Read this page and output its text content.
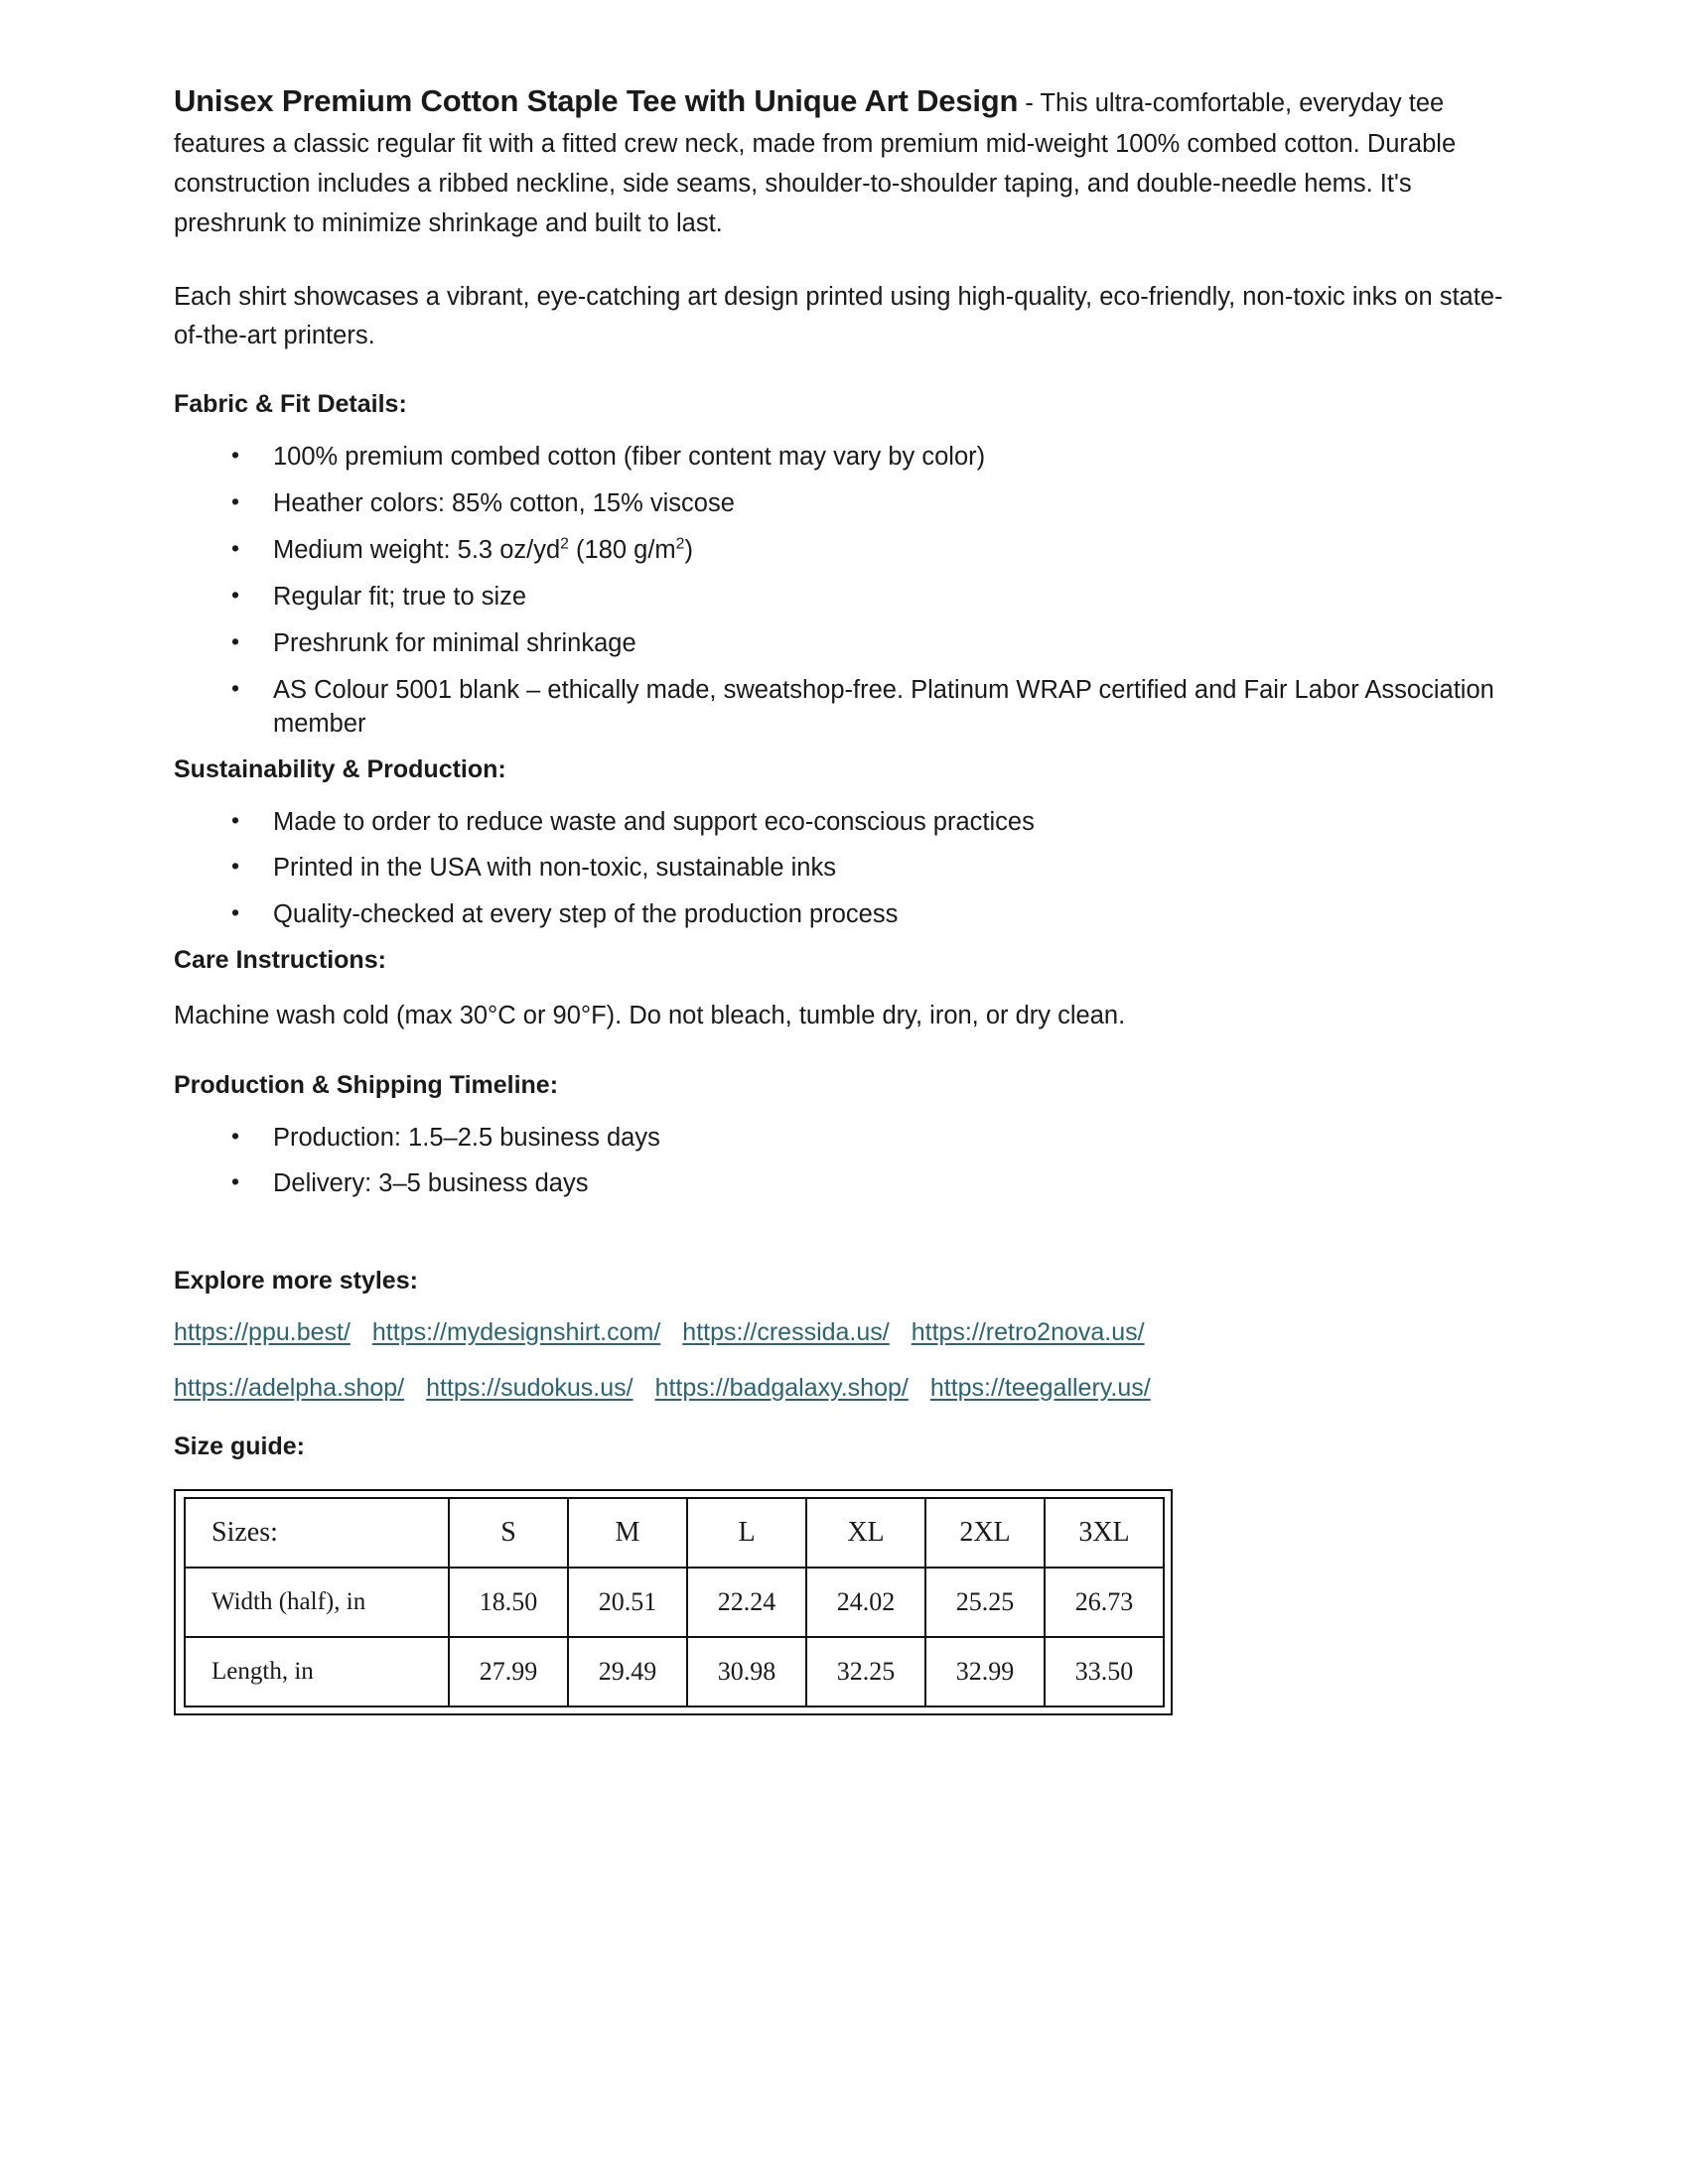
Unisex Premium Cotton Staple Tee with Unique Art Design - This ultra-comfortable, everyday tee features a classic regular fit with a fitted crew neck, made from premium mid-weight 100% combed cotton. Durable construction includes a ribbed neckline, side seams, shoulder-to-shoulder taping, and double-needle hems. It's preshrunk to minimize shrinkage and built to last.

Each shirt showcases a vibrant, eye-catching art design printed using high-quality, eco-friendly, non-toxic inks on state-of-the-art printers.

Fabric & Fit Details:
• 100% premium combed cotton (fiber content may vary by color)
• Heather colors: 85% cotton, 15% viscose
• Medium weight: 5.3 $oz/yd^2$ (180 $g/m^2$)
• Regular fit; true to size
• Preshrunk for minimal shrinkage
• AS Colour 5001 blank – ethically made, sweatshop-free. Platinum WRAP certified and Fair Labor Association member
Sustainability & Production:
• Made to order to reduce waste and support eco-conscious practices
• Printed in the USA with non-toxic, sustainable inks
• Quality-checked at every step of the production process
Care Instructions:

Machine wash cold (max 30°C or 90°F). Do not bleach, tumble dry, iron, or dry clean.

Production & Shipping Timeline:
• Production: 1.5–2.5 business days
• Delivery: 3–5 business days
Explore more styles:
https://ppu.best/ https://mydesignshirt.com/ https://cressida.us/ https://retro2nova.us/
https://adelpha.shop/ https://sudokus.us/ https://badgalaxy.shop/ https://teegallery.us/
Size guide:
Sizes:	S	M	L	XL	2XL	3XL
Width (half), in	18.50	20.51	22.24	24.02	25.25	26.73
Length, in	27.99	29.49	30.98	32.25	32.99	33.50
